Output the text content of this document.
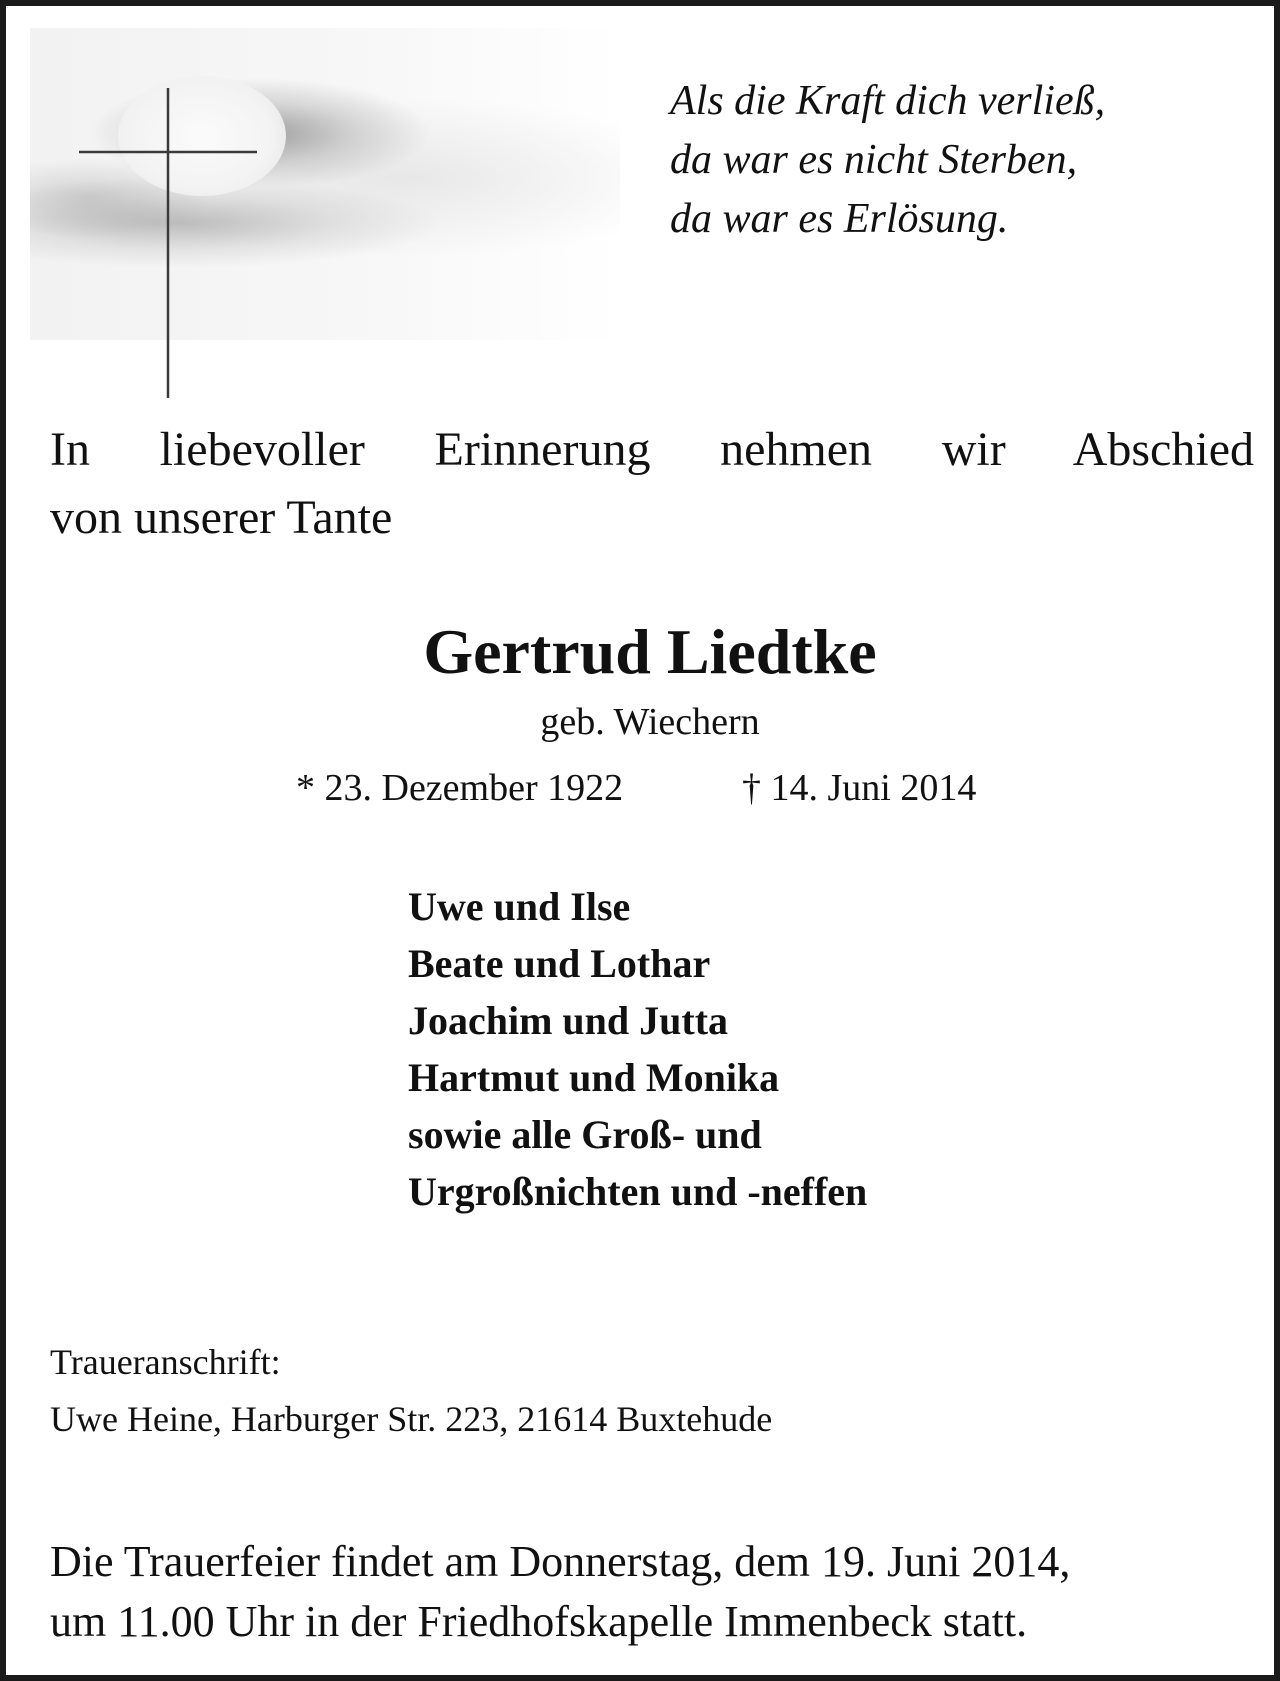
Als die Kraft dich verließ,
da war es nicht Sterben,
da war es Erlösung.
In liebevoller Erinnerung nehmen wir Abschied
von unserer Tante
Gertrud Liedtke
geb. Wiechern
* 23. Dezember 1922	† 14. Juni 2014
Uwe und Ilse
Beate und Lothar
Joachim und Jutta
Hartmut und Monika
sowie alle Groß- und
Urgroßnichten und -neffen
Traueranschrift:
Uwe Heine, Harburger Str. 223, 21614 Buxtehude
Die Trauerfeier findet am Donnerstag, dem 19. Juni 2014,
um 11.00 Uhr in der Friedhofskapelle Immenbeck statt.
